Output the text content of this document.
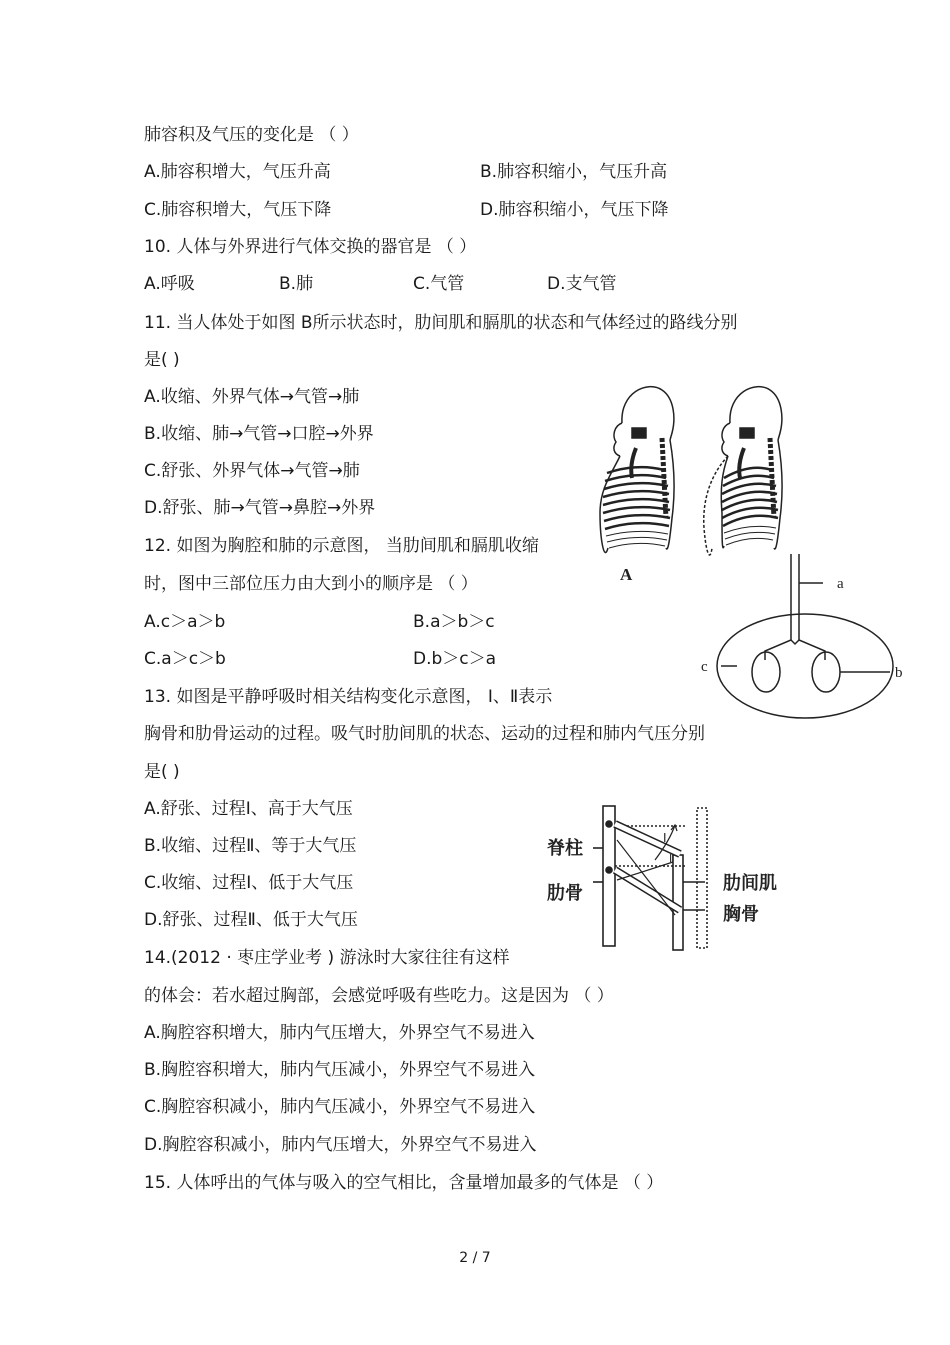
肺容积及气压的变化是 （ ）
A.肺容积增大，气压升高	B.肺容积缩小，气压升高
C.肺容积增大，气压下降	D.肺容积缩小，气压下降
10. 人体与外界进行气体交换的器官是 （ ）
A.呼吸	B.肺	C.气管	D.支气管
11. 当人体处于如图 B所示状态时，肋间肌和膈肌的状态和气体经过的路线分别
是( )
A.收缩、外界气体→气管→肺
B.收缩、肺→气管→口腔→外界
C.舒张、外界气体→气管→肺
D.舒张、肺→气管→鼻腔→外界
A
12. 如图为胸腔和肺的示意图， 当肋间肌和膈肌收缩
时，图中三部位压力由大到小的顺序是 （ ）
A.c＞a＞b	B.a＞b＞c
C.a＞c＞b	D.b＞c＞a
a
c	b
13. 如图是平静呼吸时相关结构变化示意图， Ⅰ、Ⅱ表示
胸骨和肋骨运动的过程。吸气时肋间肌的状态、运动的过程和肺内气压分别
是( )
A.舒张、过程Ⅰ、高于大气压
B.收缩、过程Ⅱ、等于大气压
C.收缩、过程Ⅰ、低于大气压
D.舒张、过程Ⅱ、低于大气压
Ⅰ
Ⅱ
脊柱
肋骨	肋间肌
胸骨
14.(2012 · 枣庄学业考 ) 游泳时大家往往有这样
的体会：若水超过胸部，会感觉呼吸有些吃力。这是因为 （ ）
A.胸腔容积增大，肺内气压增大，外界空气不易进入
B.胸腔容积增大，肺内气压减小，外界空气不易进入
C.胸腔容积减小，肺内气压减小，外界空气不易进入
D.胸腔容积减小，肺内气压增大，外界空气不易进入
15. 人体呼出的气体与吸入的空气相比，含量增加最多的气体是 （ ）
2 / 7
